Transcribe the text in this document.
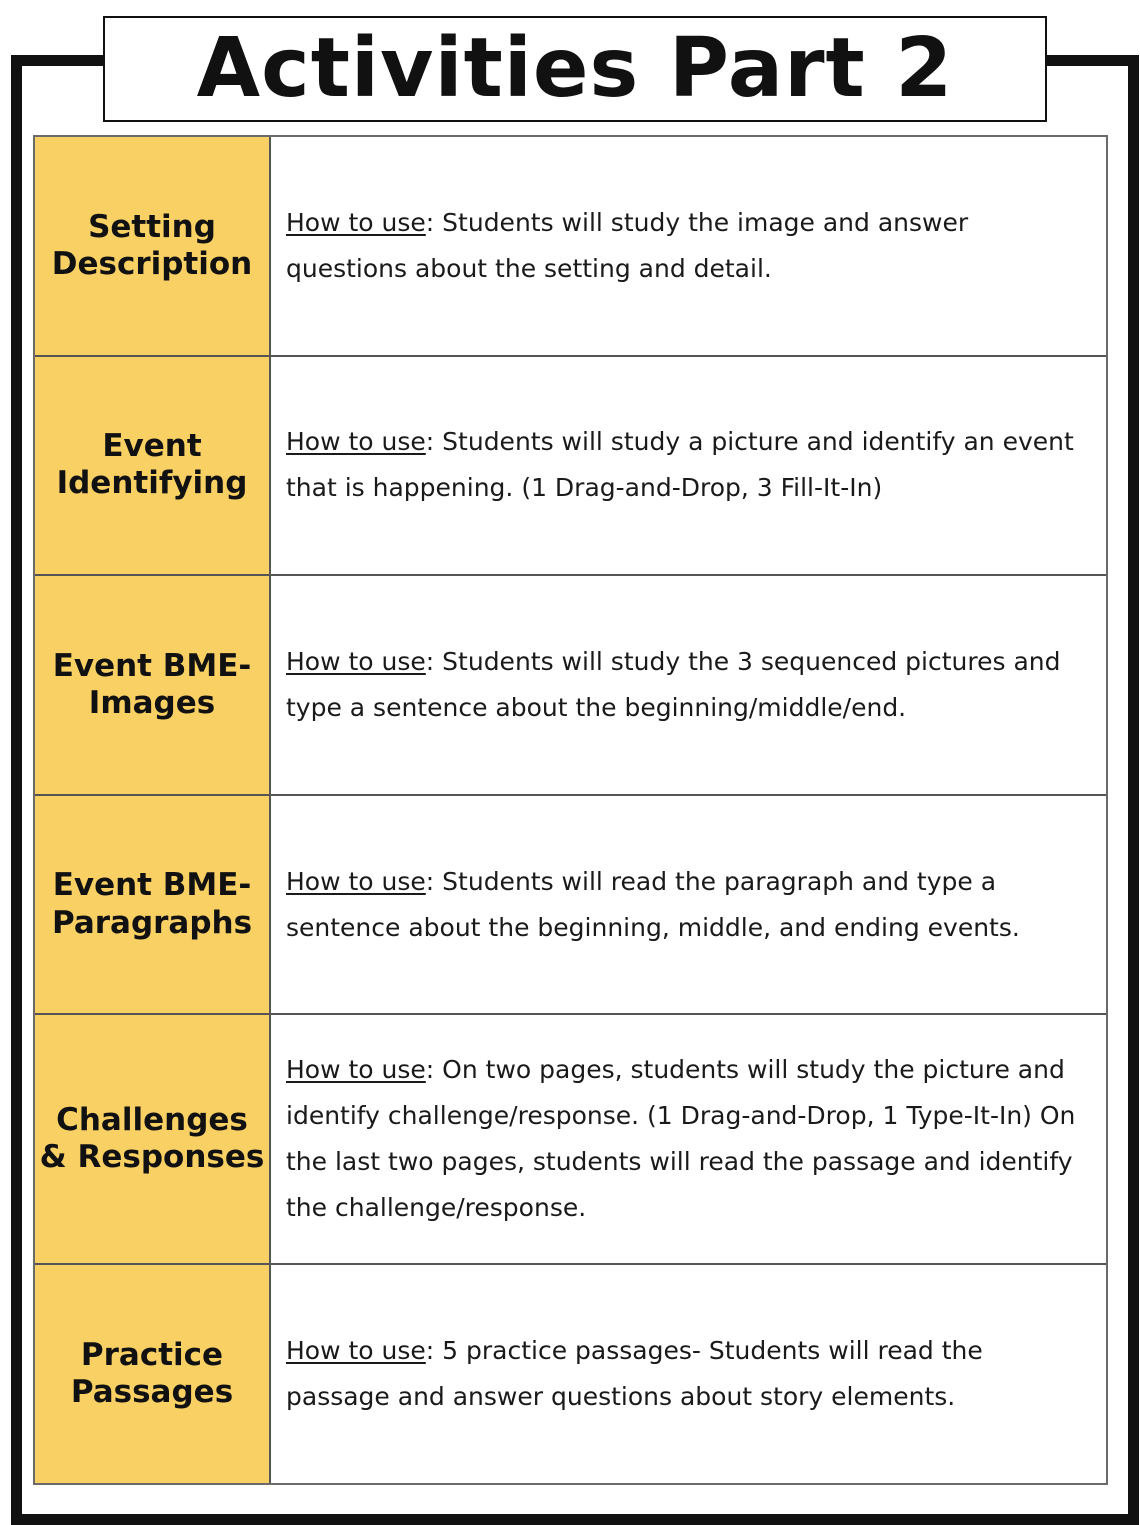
Activities Part 2
Setting Description
How to use: Students will study the image and answer questions about the setting and detail.
Event Identifying
How to use: Students will study a picture and identify an event that is happening. (1 Drag-and-Drop, 3 Fill-It-In)
Event BME-Images
How to use: Students will study the 3 sequenced pictures and type a sentence about the beginning/middle/end.
Event BME-Paragraphs
How to use: Students will read the paragraph and type a sentence about the beginning, middle, and ending events.
Challenges & Responses
How to use: On two pages, students will study the picture and identify challenge/response. (1 Drag-and-Drop, 1 Type-It-In) On the last two pages, students will read the passage and identify the challenge/response.
Practice Passages
How to use: 5 practice passages- Students will read the passage and answer questions about story elements.
